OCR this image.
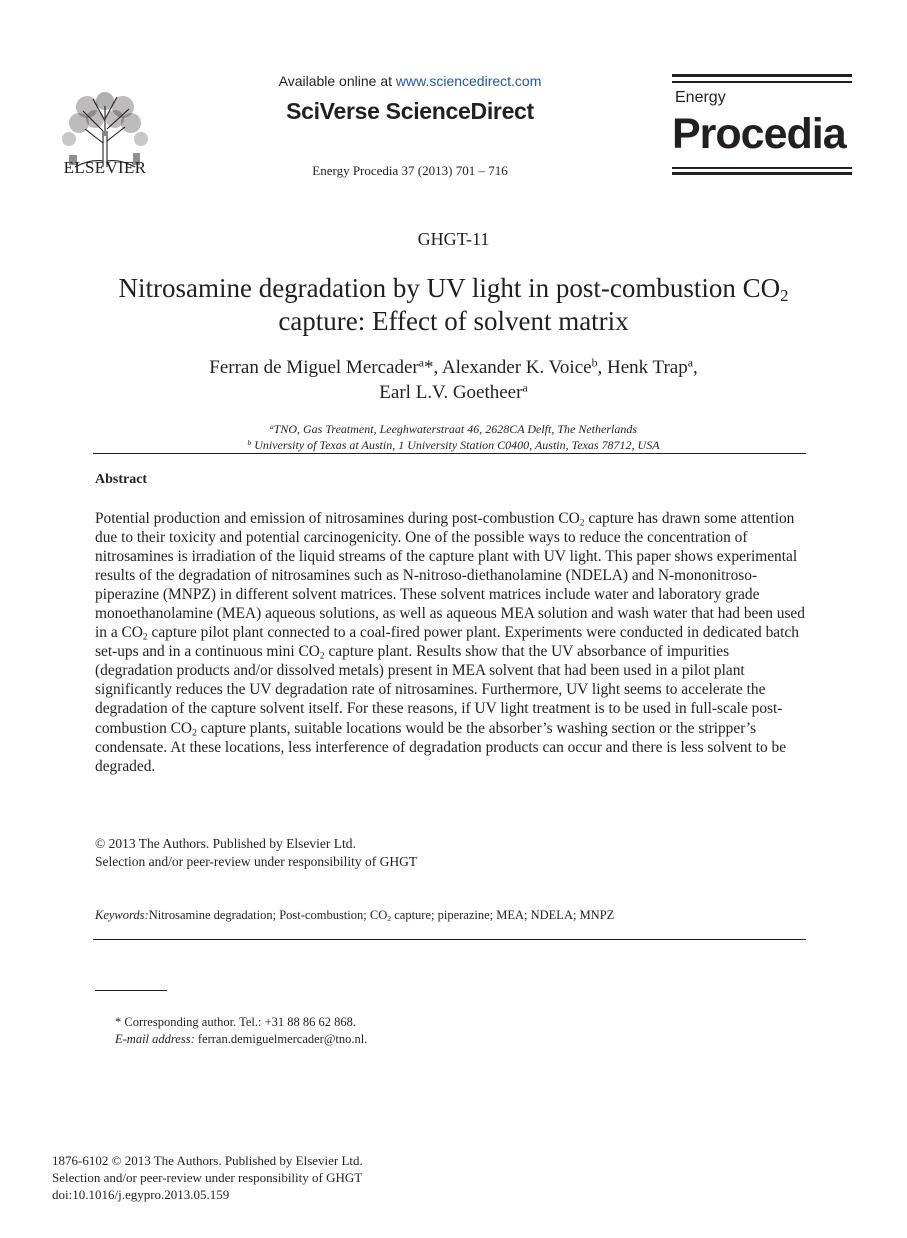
ELSEVIER
Available online at www.sciencedirect.com
SciVerse ScienceDirect
Energy Procedia 37 (2013) 701 – 716
Energy
Procedia
GHGT-11
Nitrosamine degradation by UV light in post-combustion $CO_2$
capture: Effect of solvent matrix
Ferran de Miguel Mercader$^a$*, Alexander K. Voice$^b$, Henk Trap$^a$,
Earl L.V. Goetheer$^a$
$^a$TNO, Gas Treatment, Leeghwaterstraat 46, 2628CA Delft, The Netherlands
$^b$ University of Texas at Austin, 1 University Station C0400, Austin, Texas 78712, USA
Abstract
Potential production and emission of nitrosamines during post-combustion $CO_2$ capture has drawn some attention due to their toxicity and potential carcinogenicity. One of the possible ways to reduce the concentration of nitrosamines is irradiation of the liquid streams of the capture plant with UV light. This paper shows experimental results of the degradation of nitrosamines such as N-nitroso-diethanolamine (NDELA) and N-mononitroso-piperazine (MNPZ) in different solvent matrices. These solvent matrices include water and laboratory grade monoethanolamine (MEA) aqueous solutions, as well as aqueous MEA solution and wash water that had been used in a $CO_2$ capture pilot plant connected to a coal-fired power plant. Experiments were conducted in dedicated batch set-ups and in a continuous mini $CO_2$ capture plant. Results show that the UV absorbance of impurities (degradation products and/or dissolved metals) present in MEA solvent that had been used in a pilot plant significantly reduces the UV degradation rate of nitrosamines. Furthermore, UV light seems to accelerate the degradation of the capture solvent itself. For these reasons, if UV light treatment is to be used in full-scale post-combustion $CO_2$ capture plants, suitable locations would be the absorber’s washing section or the stripper’s condensate. At these locations, less interference of degradation products can occur and there is less solvent to be degraded.
© 2013 The Authors. Published by Elsevier Ltd.
Selection and/or peer-review under responsibility of GHGT
Keywords:Nitrosamine degradation; Post-combustion; $CO_2$ capture; piperazine; MEA; NDELA; MNPZ
* Corresponding author. Tel.: +31 88 86 62 868.
E-mail address: ferran.demiguelmercader@tno.nl.
1876-6102 © 2013 The Authors. Published by Elsevier Ltd.
Selection and/or peer-review under responsibility of GHGT
doi:10.1016/j.egypro.2013.05.159
